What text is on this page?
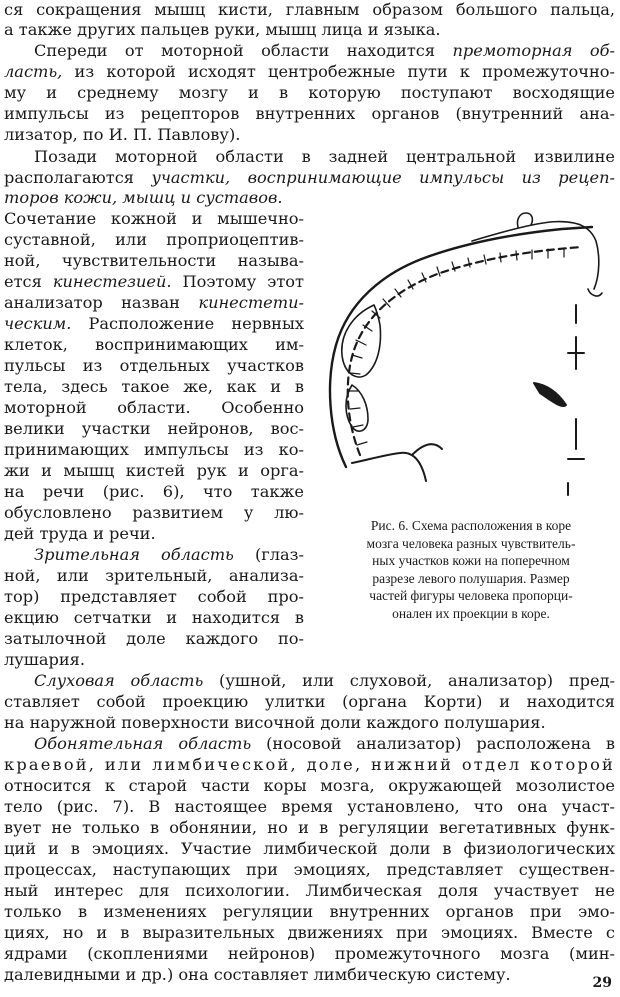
ся сокращения мышц кисти, главным образом большого пальца,
а также других пальцев руки, мышц лица и языка.
Спереди от моторной области находится премоторная об-
ласть, из которой исходят центробежные пути к промежуточно-
му и среднему мозгу и в которую поступают восходящие
импульсы из рецепторов внутренних органов (внутренний ана-
лизатор, по И. П. Павлову).
Позади моторной области в задней центральной извилине
располагаются участки, воспринимающие импульсы из рецеп-
торов кожи, мышц и суставов.
Сочетание кожной и мышечно-
суставной, или проприоцептив-
ной, чувствительности называ-
ется кинестезией. Поэтому этот
анализатор назван кинестети-
ческим. Расположение нервных
клеток, воспринимающих им-
пульсы из отдельных участков
тела, здесь такое же, как и в
моторной области. Особенно
велики участки нейронов, вос-
принимающих импульсы из ко-
жи и мышц кистей рук и орга-
на речи (рис. 6), что также
обусловлено развитием у лю-
дей труда и речи.
Зрительная область (глаз-
ной, или зрительный, анализа-
тор) представляет собой про-
екцию сетчатки и находится в
затылочной доле каждого по-
лушария.
Слуховая область (ушной, или слуховой, анализатор) пред-
ставляет собой проекцию улитки (органа Корти) и находится
на наружной поверхности височной доли каждого полушария.
Обонятельная область (носовой анализатор) расположена в
краевой, или лимбической, доле, нижний отдел которой
относится к старой части коры мозга, окружающей мозолистое
тело (рис. 7). В настоящее время установлено, что она участ-
вует не только в обонянии, но и в регуляции вегетативных функ-
ций и в эмоциях. Участие лимбической доли в физиологических
процессах, наступающих при эмоциях, представляет существен-
ный интерес для психологии. Лимбическая доля участвует не
только в изменениях регуляции внутренних органов при эмо-
циях, но и в выразительных движениях при эмоциях. Вместе с
ядрами (скоплениями нейронов) промежуточного мозга (мин-
далевидными и др.) она составляет лимбическую систему.
Рис. 6. Схема расположения в коре
мозга человека разных чувствитель-
ных участков кожи на поперечном
разрезе левого полушария. Размер
частей фигуры человека пропорци-
онален их проекции в коре.
29
